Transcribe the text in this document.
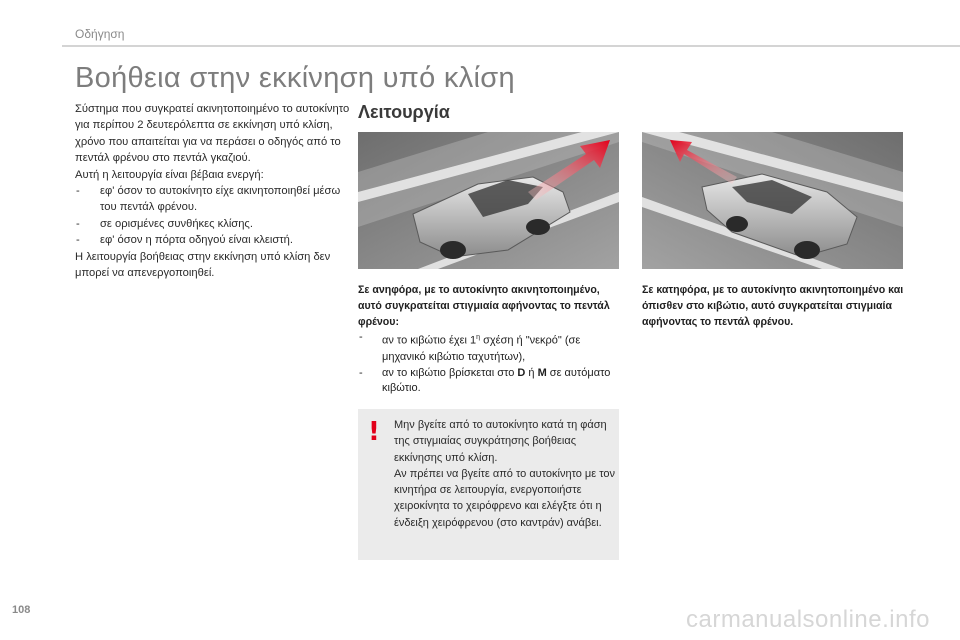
Οδήγηση
Βοήθεια στην εκκίνηση υπό κλίση

Σύστημα που συγκρατεί ακινητοποιημένο το αυτοκίνητο για περίπου 2 δευτερόλεπτα σε εκκίνηση υπό κλίση, χρόνο που απαιτείται για να περάσει ο οδηγός από το πεντάλ φρένου στο πεντάλ γκαζιού.

Αυτή η λειτουργία είναι βέβαια ενεργή:

- εφ' όσον το αυτοκίνητο είχε ακινητοποιηθεί μέσω του πεντάλ φρένου.
- σε ορισμένες συνθήκες κλίσης.
- εφ' όσον η πόρτα οδηγού είναι κλειστή.

Η λειτουργία βοήθειας στην εκκίνηση υπό κλίση δεν μπορεί να απενεργοποιηθεί.

Λειτουργία
Σε ανηφόρα, με το αυτοκίνητο ακινητοποιημένο, αυτό συγκρατείται στιγμιαία αφήνοντας το πεντάλ φρένου:
- αν το κιβώτιο έχει $1^\eta$ σχέση ή "νεκρό" (σε μηχανικό κιβώτιο ταχυτήτων),
- αν το κιβώτιο βρίσκεται στο D ή M σε αυτόματο κιβώτιο.
Σε κατηφόρα, με το αυτοκίνητο ακινητοποιημένο και όπισθεν στο κιβώτιο, αυτό συγκρατείται στιγμιαία αφήνοντας το πεντάλ φρένου.
! Μην βγείτε από το αυτοκίνητο κατά τη φάση της στιγμιαίας συγκράτησης βοήθειας εκκίνησης υπό κλίση.

Αν πρέπει να βγείτε από το αυτοκίνητο με τον κινητήρα σε λειτουργία, ενεργοποιήστε χειροκίνητα το χειρόφρενο και ελέγξτε ότι η ένδειξη χειρόφρενου (στο καντράν) ανάβει.

108	carmanualsonline.info
